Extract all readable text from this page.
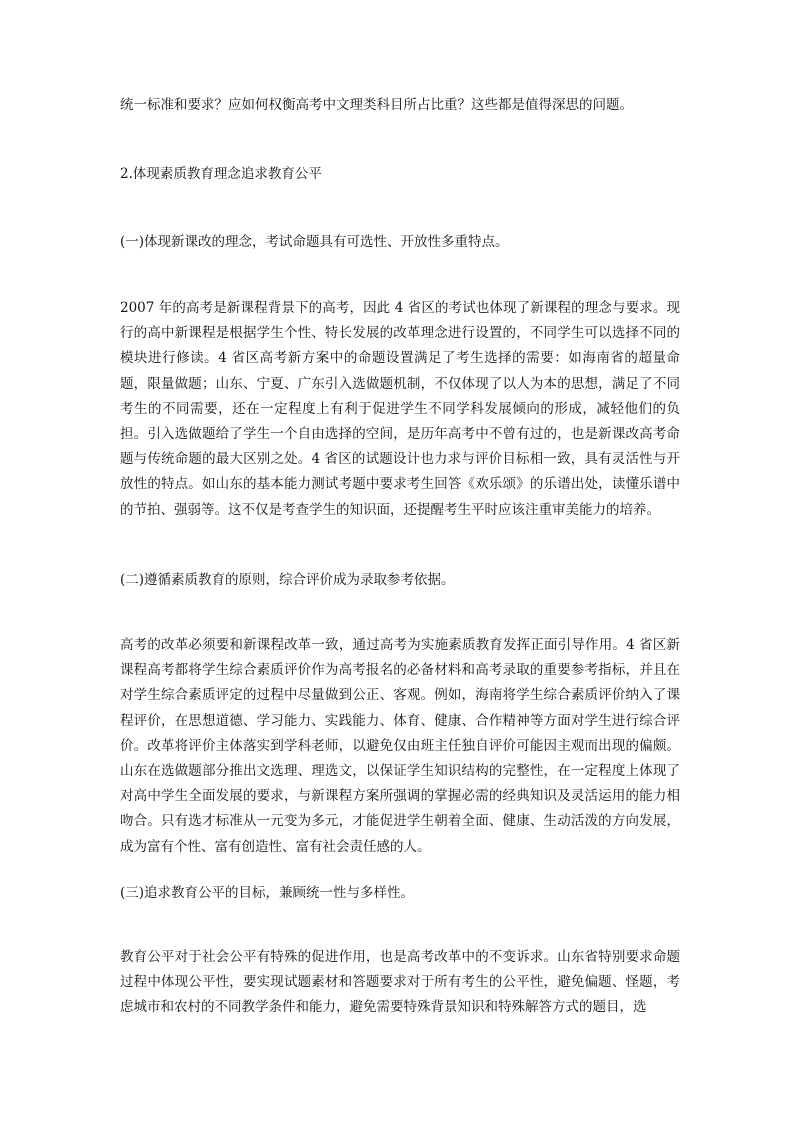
统一标准和要求？应如何权衡高考中文理类科目所占比重？这些都是值得深思的问题。

2.体现素质教育理念追求教育公平

(一)体现新课改的理念，考试命题具有可选性、开放性多重特点。

2007 年的高考是新课程背景下的高考，因此 4 省区的考试也体现了新课程的理念与要求。现行的高中新课程是根据学生个性、特长发展的改革理念进行设置的，不同学生可以选择不同的模块进行修读。4 省区高考新方案中的命题设置满足了考生选择的需要：如海南省的超量命题，限量做题；山东、宁夏、广东引入选做题机制，不仅体现了以人为本的思想，满足了不同考生的不同需要，还在一定程度上有利于促进学生不同学科发展倾向的形成，减轻他们的负担。引入选做题给了学生一个自由选择的空间，是历年高考中不曾有过的，也是新课改高考命题与传统命题的最大区别之处。4 省区的试题设计也力求与评价目标相一致，具有灵活性与开放性的特点。如山东的基本能力测试考题中要求考生回答《欢乐颂》的乐谱出处，读懂乐谱中的节拍、强弱等。这不仅是考查学生的知识面，还提醒考生平时应该注重审美能力的培养。

(二)遵循素质教育的原则，综合评价成为录取参考依据。

高考的改革必须要和新课程改革一致，通过高考为实施素质教育发挥正面引导作用。4 省区新课程高考都将学生综合素质评价作为高考报名的必备材料和高考录取的重要参考指标，并且在对学生综合素质评定的过程中尽量做到公正、客观。例如，海南将学生综合素质评价纳入了课程评价，在思想道德、学习能力、实践能力、体育、健康、合作精神等方面对学生进行综合评价。改革将评价主体落实到学科老师，以避免仅由班主任独自评价可能因主观而出现的偏颇。山东在选做题部分推出文选理、理选文，以保证学生知识结构的完整性，在一定程度上体现了对高中学生全面发展的要求，与新课程方案所强调的掌握必需的经典知识及灵活运用的能力相吻合。只有选才标准从一元变为多元，才能促进学生朝着全面、健康、生动活泼的方向发展，成为富有个性、富有创造性、富有社会责任感的人。

(三)追求教育公平的目标，兼顾统一性与多样性。

教育公平对于社会公平有特殊的促进作用，也是高考改革中的不变诉求。山东省特别要求命题过程中体现公平性，要实现试题素材和答题要求对于所有考生的公平性，避免偏题、怪题，考虑城市和农村的不同教学条件和能力，避免需要特殊背景知识和特殊解答方式的题目，选
